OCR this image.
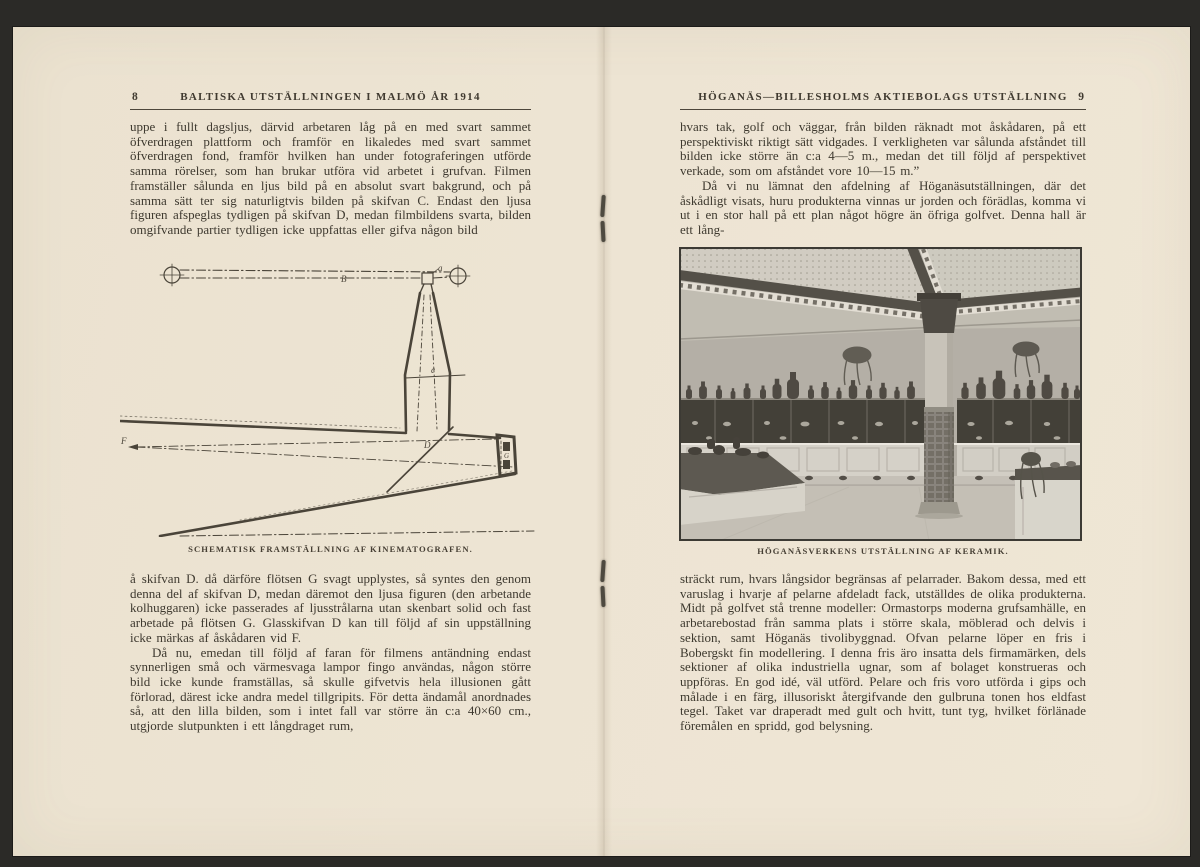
8	BALTISKA UTSTÄLLNINGEN I MALMÖ ÅR 1914

uppe i fullt dagsljus, därvid arbetaren låg på en med svart sammet öfverdragen plattform och framför en likaledes med svart sammet öfverdragen fond, framför hvilken han under fotograferingen utförde samma rörelser, som han brukar utföra vid arbetet i grufvan. Filmen framställer sålunda en ljus bild på en absolut svart bakgrund, och på samma sätt ter sig naturligtvis bilden på skifvan C. Endast den ljusa figuren afspeglas tydligen på skifvan D, medan filmbildens svarta, bilden omgifvande partier tydligen icke uppfattas eller gifva någon bild

a
B
c
D
F
G
SCHEMATISK FRAMSTÄLLNING AF KINEMATOGRAFEN.

å skifvan D. då därföre flötsen G svagt upplystes, så syntes den genom denna del af skifvan D, medan däremot den ljusa figuren (den arbetande kolhuggaren) icke passerades af ljusstrålarna utan skenbart solid och fast arbetade på flötsen G. Glasskifvan D kan till följd af sin uppställning icke märkas af åskådaren vid F.

Då nu, emedan till följd af faran för filmens antändning endast synnerligen små och värmesvaga lampor fingo användas, någon större bild icke kunde framställas, så skulle gifvetvis hela illusionen gått förlorad, därest icke andra medel tillgripits. För detta ändamål anordnades så, att den lilla bilden, som i intet fall var större än c:a 40×60 cm., utgjorde slutpunkten i ett långdraget rum,

HÖGANÄS—BILLESHOLMS AKTIEBOLAGS UTSTÄLLNING 9

hvars tak, golf och väggar, från bilden räknadt mot åskådaren, på ett perspektiviskt riktigt sätt vidgades. I verkligheten var sålunda afståndet till bilden icke större än c:a 4—5 m., medan det till följd af perspektivet verkade, som om afståndet vore 10—15 m.”

Då vi nu lämnat den afdelning af Höganäsutställningen, där det åskådligt visats, huru produkterna vinnas ur jorden och förädlas, komma vi ut i en stor hall på ett plan något högre än öfriga golfvet. Denna hall är ett lång-

HÖGANÄSVERKENS UTSTÄLLNING AF KERAMIK.

sträckt rum, hvars långsidor begränsas af pelarrader. Bakom dessa, med ett varuslag i hvarje af pelarne afdeladt fack, utställdes de olika produkterna. Midt på golfvet stå trenne modeller: Ormastorps moderna grufsamhälle, en arbetarebostad från samma plats i större skala, möblerad och delvis i sektion, samt Höganäs tivolibyggnad. Ofvan pelarne löper en fris i Bobergskt fin modellering. I denna fris äro insatta dels firmamärken, dels sektioner af olika industriella ugnar, som af bolaget konstrueras och uppföras. En god idé, väl utförd. Pelare och fris voro utförda i gips och målade i en färg, illusoriskt återgifvande den gulbruna tonen hos eldfast tegel. Taket var draperadt med gult och hvitt, tunt tyg, hvilket förlänade föremålen en spridd, god belysning.
